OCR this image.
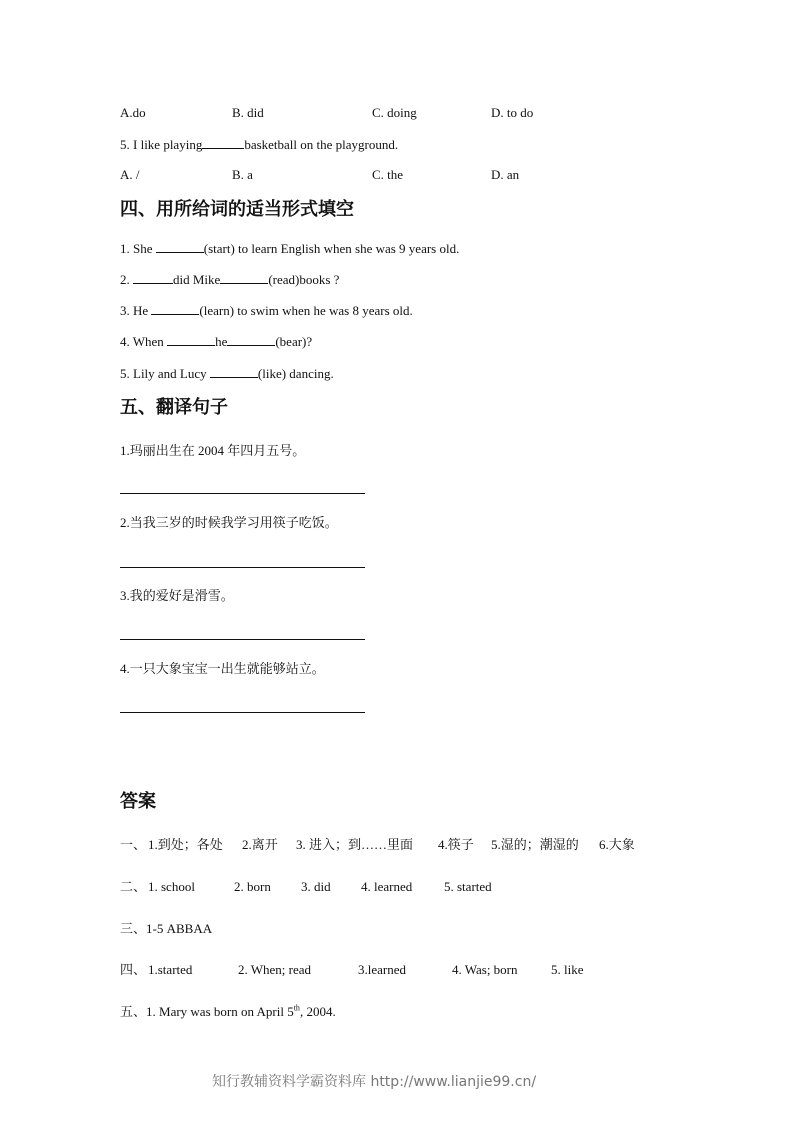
A.do	B. did	C. doing	D. to do
5. I like playing	basketball on the playground.
A. /	B. a	C. the	D. an
四、用所给词的适当形式填空
1. She	(start) to learn English when she was 9 years old.
2.	did Mike	(read)books ?
3. He	(learn) to swim when he was 8 years old.
4. When	he	(bear)?
5. Lily and Lucy	(like) dancing.
五、翻译句子
1.玛丽出生在 2004 年四月五号。
2.当我三岁的时候我学习用筷子吃饭。
3.我的爱好是滑雪。
4.一只大象宝宝一出生就能够站立。
答案
一、 1.到处；各处 2.离开 3. 进入；到……里面 4.筷子 5.湿的；潮湿的 6.大象
二、 1. school	2. born 3. did 4. learned 5. started
三、1-5 ABBAA
四、 1.started	2. When; read	3.learned	4. Was; born	5. like
五、1. Mary was born on April 5th, 2004.
知行教辅资料学霸资料库 http://www.lianjie99.cn/
